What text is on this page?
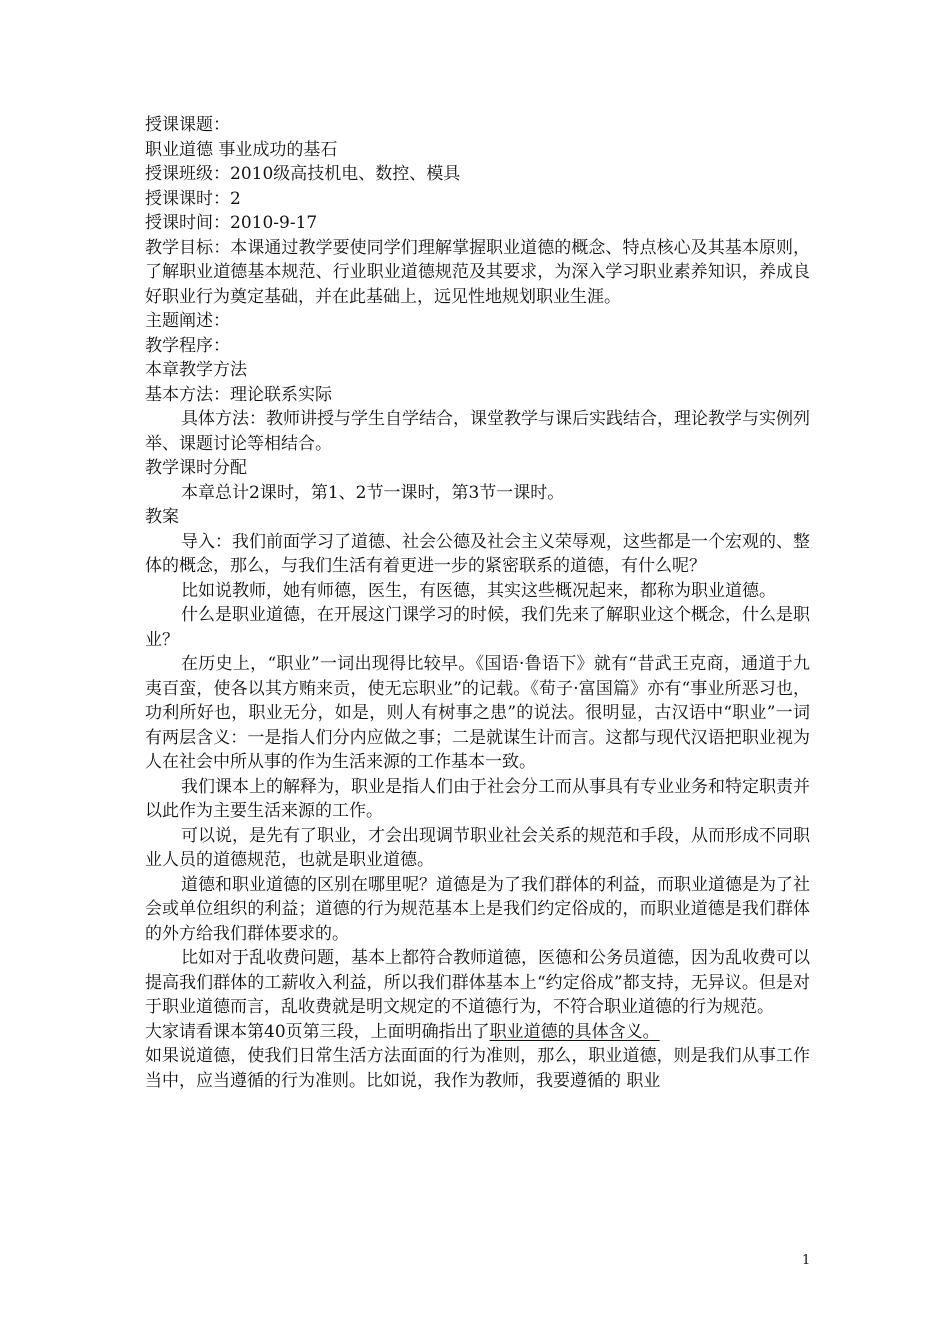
授课课题：
职业道德 事业成功的基石
授课班级：2010级高技机电、数控、模具
授课课时：2
授课时间：2010-9-17
教学目标：本课通过教学要使同学们理解掌握职业道德的概念、特点核心及其基本原则，了解职业道德基本规范、行业职业道德规范及其要求，为深入学习职业素养知识，养成良好职业行为奠定基础，并在此基础上，远见性地规划职业生涯。
主题阐述：
教学程序：
本章教学方法
基本方法：理论联系实际
具体方法：教师讲授与学生自学结合，课堂教学与课后实践结合，理论教学与实例列举、课题讨论等相结合。
教学课时分配
本章总计2课时，第1、2节一课时，第3节一课时。
教案
导入：我们前面学习了道德、社会公德及社会主义荣辱观，这些都是一个宏观的、整体的概念，那么，与我们生活有着更进一步的紧密联系的道德，有什么呢？
比如说教师，她有师德，医生，有医德，其实这些概况起来，都称为职业道德。
什么是职业道德，在开展这门课学习的时候，我们先来了解职业这个概念，什么是职业？
在历史上，“职业”一词出现得比较早。《国语·鲁语下》就有“昔武王克商，通道于九夷百蛮，使各以其方贿来贡，使无忘职业”的记载。《荀子·富国篇》亦有“事业所恶习也，功利所好也，职业无分，如是，则人有树事之患”的说法。很明显，古汉语中“职业”一词有两层含义：一是指人们分内应做之事；二是就谋生计而言。这都与现代汉语把职业视为人在社会中所从事的作为生活来源的工作基本一致。
我们课本上的解释为，职业是指人们由于社会分工而从事具有专业业务和特定职责并以此作为主要生活来源的工作。
可以说，是先有了职业，才会出现调节职业社会关系的规范和手段，从而形成不同职业人员的道德规范，也就是职业道德。
道德和职业道德的区别在哪里呢？道德是为了我们群体的利益，而职业道德是为了社会或单位组织的利益；道德的行为规范基本上是我们约定俗成的，而职业道德是我们群体的外方给我们群体要求的。
比如对于乱收费问题，基本上都符合教师道德，医德和公务员道德，因为乱收费可以提高我们群体的工薪收入利益，所以我们群体基本上“约定俗成”都支持，无异议。但是对于职业道德而言，乱收费就是明文规定的不道德行为，不符合职业道德的行为规范。
大家请看课本第40页第三段，上面明确指出了职业道德的具体含义。
如果说道德，使我们日常生活方法面面的行为准则，那么，职业道德，则是我们从事工作当中，应当遵循的行为准则。比如说，我作为教师，我要遵循的 职业
1
